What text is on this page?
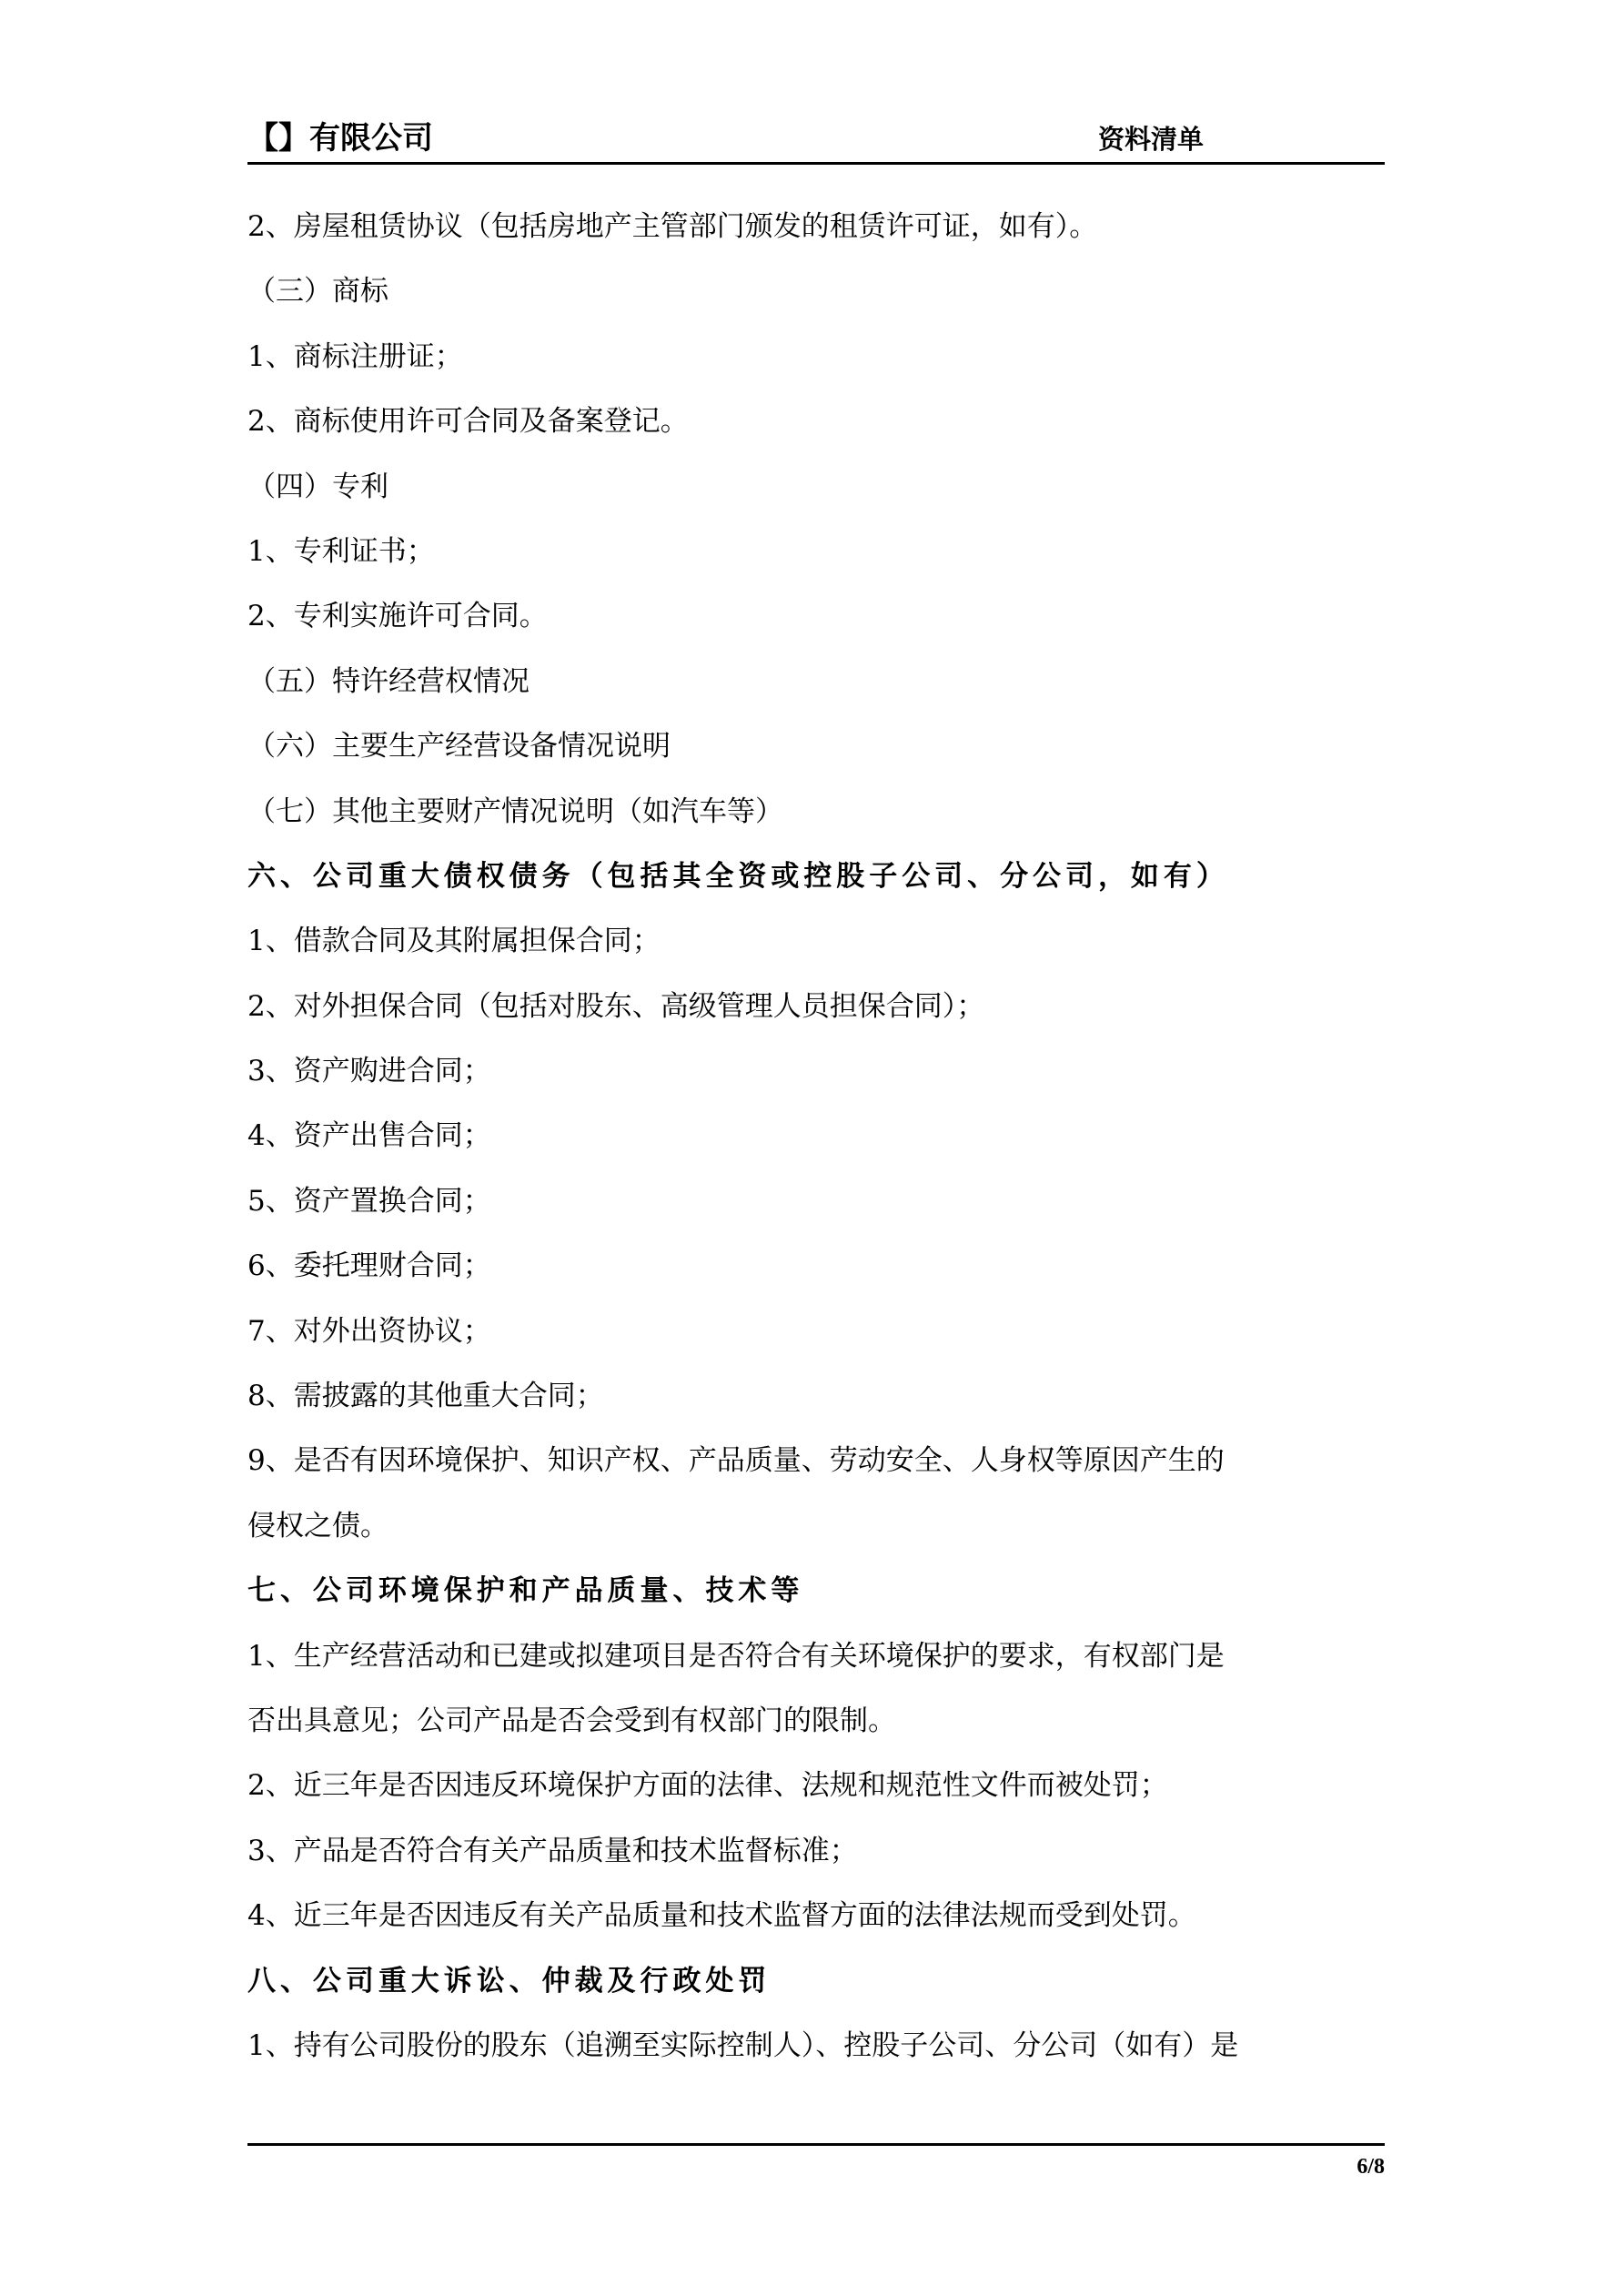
【】有限公司	资料清单
2、房屋租赁协议（包括房地产主管部门颁发的租赁许可证，如有）。
（三）商标
1、商标注册证；
2、商标使用许可合同及备案登记。
（四）专利
1、专利证书；
2、专利实施许可合同。
（五）特许经营权情况
（六）主要生产经营设备情况说明
（七）其他主要财产情况说明（如汽车等）
六、公司重大债权债务（包括其全资或控股子公司、分公司，如有）
1、借款合同及其附属担保合同；
2、对外担保合同（包括对股东、高级管理人员担保合同）；
3、资产购进合同；
4、资产出售合同；
5、资产置换合同；
6、委托理财合同；
7、对外出资协议；
8、需披露的其他重大合同；
9、是否有因环境保护、知识产权、产品质量、劳动安全、人身权等原因产生的
侵权之债。
七、公司环境保护和产品质量、技术等
1、生产经营活动和已建或拟建项目是否符合有关环境保护的要求，有权部门是
否出具意见；公司产品是否会受到有权部门的限制。
2、近三年是否因违反环境保护方面的法律、法规和规范性文件而被处罚；
3、产品是否符合有关产品质量和技术监督标准；
4、近三年是否因违反有关产品质量和技术监督方面的法律法规而受到处罚。
八、公司重大诉讼、仲裁及行政处罚
1、持有公司股份的股东（追溯至实际控制人）、控股子公司、分公司（如有）是
6/8
